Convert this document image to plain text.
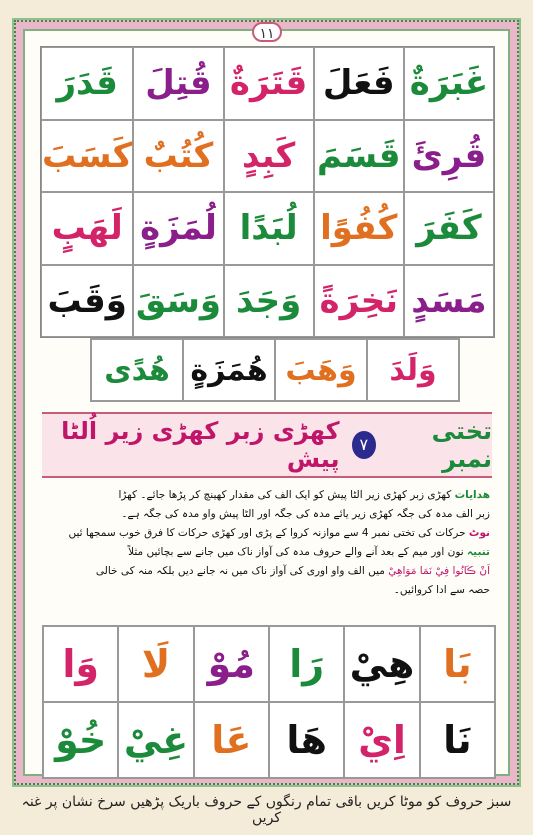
١١
غَبَرَةٌ
فَعَلَ
قَتَرَةٌ
قُتِلَ
قَدَرَ
قُرِئَ
قَسَمَ
كَبِدٍ
كُتُبٌ
كَسَبَ
كَفَرَ
كُفُوًا
لُبَدًا
لُمَزَةٍ
لَهَبٍ
مَسَدٍ
نَخِرَةً
وَجَدَ
وَسَقَ
وَقَبَ
وَلَدَ
وَهَبَ
هُمَزَةٍ
هُدًى
تختی نمبر
۷
کھڑی زبر کھڑی زیر اُلٹا پیش
ھدایات کھڑی زبر کھڑی زیر الٹا پیش کو ایک الف کی مقدار کھینچ کر پڑھا جائے۔ کھڑا
زبر الف مدہ کی جگہ کھڑی زیر یائے مدہ کی جگہ اور الٹا پیش واو مدہ کی جگہ ہے۔
نوٹ حرکات کی تختی نمبر 4 سے موازنہ کروا کے پڑی اور کھڑی حرکات کا فرق خوب سمجھا ئیں
تنبیہ نون اور میم کے بعد آنے والے حروف مدہ کی آواز ناک میں جانے سے بچائیں مثلاً
اَنْ ڪَانُوا فِيْ نَمَا مَوَاهِيْ میں الف واو اوری کی آواز ناک میں نہ جانے دیں بلکہ منہ کی خالی
حصہ سے ادا کروائیں۔
بَا
هِيْ
رَا
مُوْ
لَا
وَا
نَا
اِيْ
هَا
عَا
غِيْ
خُوْ
سبز حروف کو موٹا کریں باقی تمام رنگوں کے حروف باریک پڑھیں سرخ نشان پر غنہ کریں
